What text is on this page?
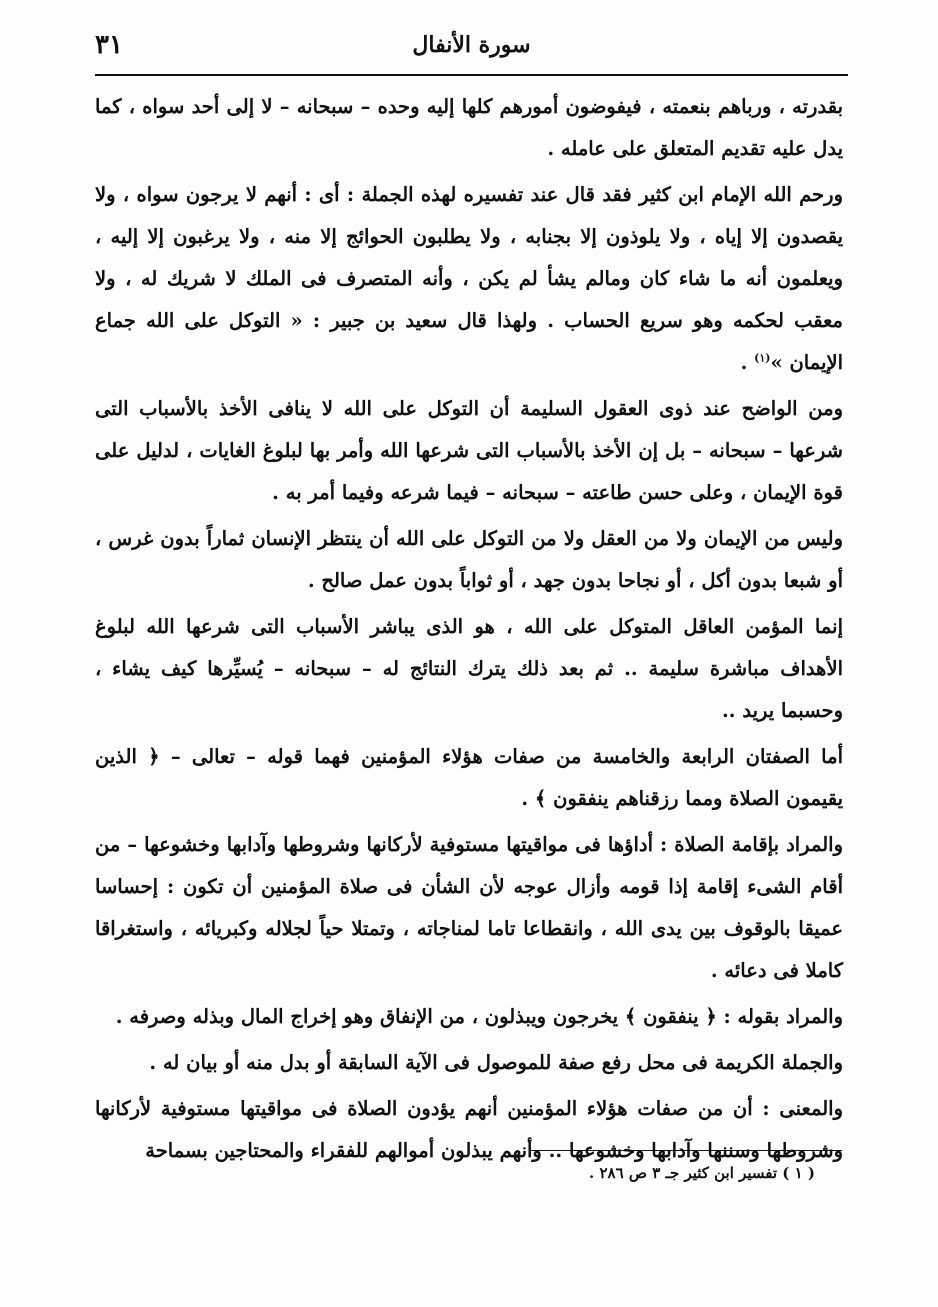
٣١	سورة الأنفال

بقدرته ، ورباهم بنعمته ، فيفوضون أمورهم كلها إليه وحده – سبحانه – لا إلى أحد سواه ، كما يدل عليه تقديم المتعلق على عامله .

ورحم الله الإمام ابن كثير فقد قال عند تفسيره لهذه الجملة : أى : أنهم لا يرجون سواه ، ولا يقصدون إلا إياه ، ولا يلوذون إلا بجنابه ، ولا يطلبون الحوائج إلا منه ، ولا يرغبون إلا إليه ، ويعلمون أنه ما شاء كان ومالم يشأ لم يكن ، وأنه المتصرف فى الملك لا شريك له ، ولا معقب لحكمه وهو سريع الحساب . ولهذا قال سعيد بن جبير : « التوكل على الله جماع الإيمان »$^{(١)}$ .

ومن الواضح عند ذوى العقول السليمة أن التوكل على الله لا ينافى الأخذ بالأسباب التى شرعها – سبحانه – بل إن الأخذ بالأسباب التى شرعها الله وأمر بها لبلوغ الغايات ، لدليل على قوة الإيمان ، وعلى حسن طاعته – سبحانه – فيما شرعه وفيما أمر به .

وليس من الإيمان ولا من العقل ولا من التوكل على الله أن ينتظر الإنسان ثماراً بدون غرس ، أو شبعا بدون أكل ، أو نجاحا بدون جهد ، أو ثواباً بدون عمل صالح .

إنما المؤمن العاقل المتوكل على الله ، هو الذى يباشر الأسباب التى شرعها الله لبلوغ الأهداف مباشرة سليمة .. ثم بعد ذلك يترك النتائج له – سبحانه – يُسيِّرها كيف يشاء ، وحسبما يريد ..

أما الصفتان الرابعة والخامسة من صفات هؤلاء المؤمنين فهما قوله – تعالى – ﴿ الذين يقيمون الصلاة ومما رزقناهم ينفقون ﴾ .

والمراد بإقامة الصلاة : أداؤها فى مواقيتها مستوفية لأركانها وشروطها وآدابها وخشوعها – من أقام الشىء إقامة إذا قومه وأزال عوجه لأن الشأن فى صلاة المؤمنين أن تكون : إحساسا عميقا بالوقوف بين يدى الله ، وانقطاعا تاما لمناجاته ، وتمتلا حياً لجلاله وكبريائه ، واستغراقا كاملا فى دعائه .

والمراد بقوله : ﴿ ينفقون ﴾ يخرجون ويبذلون ، من الإنفاق وهو إخراج المال وبذله وصرفه .

والجملة الكريمة فى محل رفع صفة للموصول فى الآية السابقة أو بدل منه أو بيان له .

والمعنى : أن من صفات هؤلاء المؤمنين أنهم يؤدون الصلاة فى مواقيتها مستوفية لأركانها وشروطها وسننها وآدابها وخشوعها .. وأنهم يبذلون أموالهم للفقراء والمحتاجين بسماحة

( ١ ) تفسير ابن كثير جـ ٣ ص ٢٨٦ .
